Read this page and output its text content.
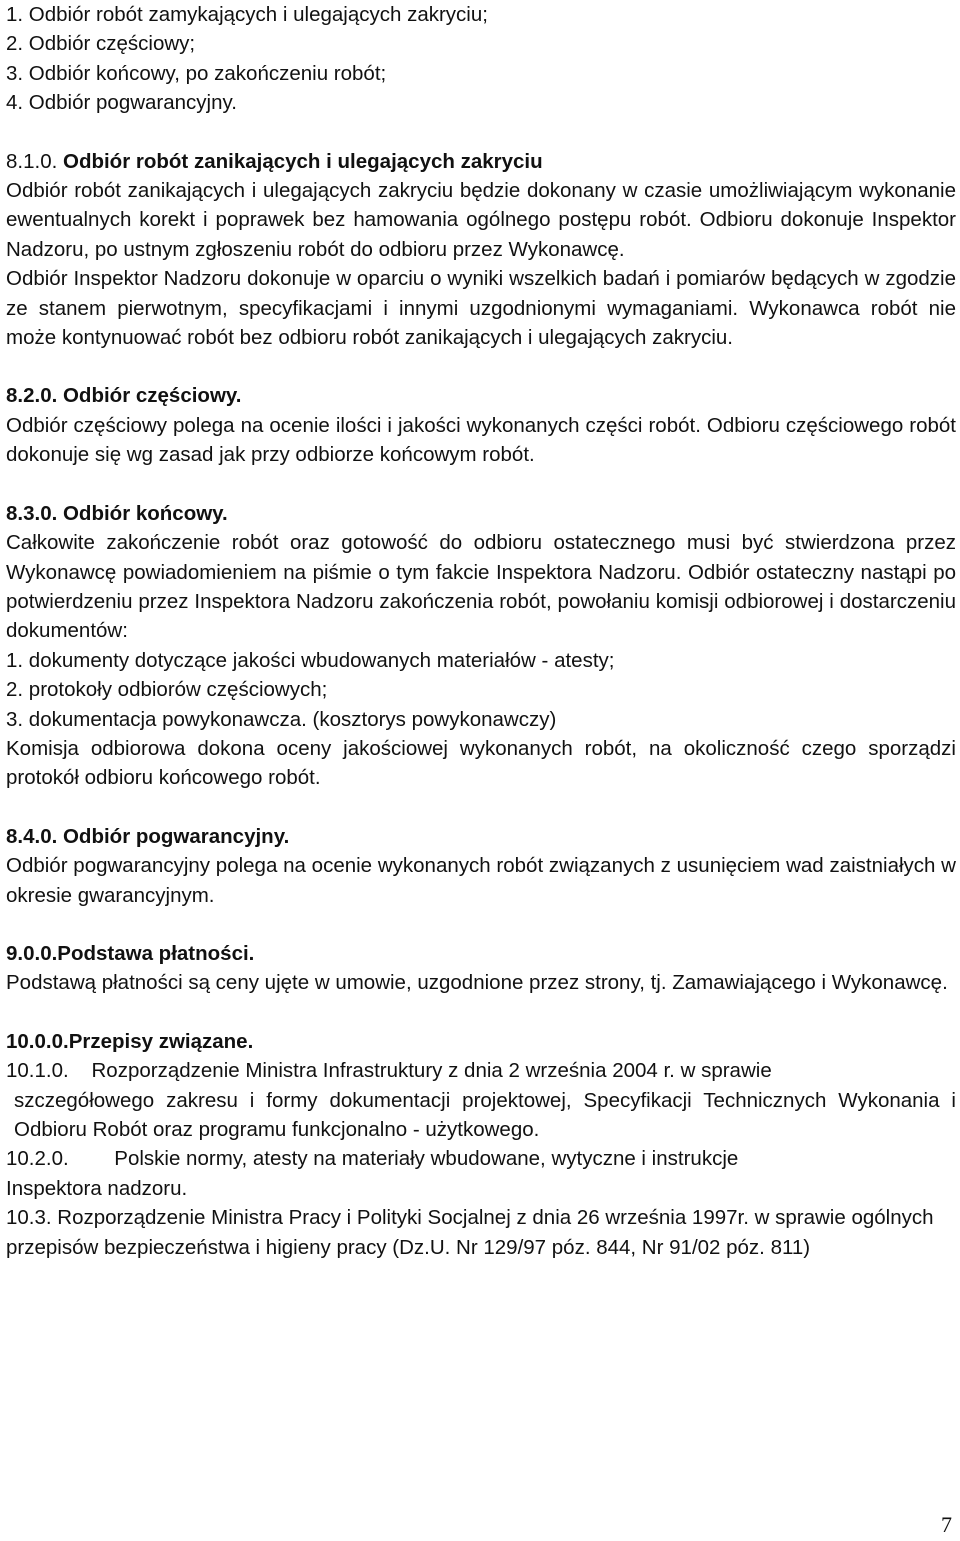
1. Odbiór robót zamykających i ulegających zakryciu;
2. Odbiór częściowy;
3. Odbiór końcowy, po zakończeniu robót;
4. Odbiór pogwarancyjny.

8.1.0. Odbiór robót zanikających i ulegających zakryciu

Odbiór robót zanikających i ulegających zakryciu będzie dokonany w czasie umożliwiającym wykonanie ewentualnych korekt i poprawek bez hamowania ogólnego postępu robót. Odbioru dokonuje Inspektor Nadzoru, po ustnym zgłoszeniu robót do odbioru przez Wykonawcę.

Odbiór Inspektor Nadzoru dokonuje w oparciu o wyniki wszelkich badań i pomiarów będących w zgodzie ze stanem pierwotnym, specyfikacjami i innymi uzgodnionymi wymaganiami. Wykonawca robót nie może kontynuować robót bez odbioru robót zanikających i ulegających zakryciu.

8.2.0. Odbiór częściowy.

Odbiór częściowy polega na ocenie ilości i jakości wykonanych części robót. Odbioru częściowego robót dokonuje się wg zasad jak przy odbiorze końcowym robót.

8.3.0. Odbiór końcowy.

Całkowite zakończenie robót oraz gotowość do odbioru ostatecznego musi być stwierdzona przez Wykonawcę powiadomieniem na piśmie o tym fakcie Inspektora Nadzoru. Odbiór ostateczny nastąpi po potwierdzeniu przez Inspektora Nadzoru zakończenia robót, powołaniu komisji odbiorowej i dostarczeniu dokumentów:

1. dokumenty dotyczące jakości wbudowanych materiałów - atesty;
2. protokoły odbiorów częściowych;
3. dokumentacja powykonawcza. (kosztorys powykonawczy)

Komisja odbiorowa dokona oceny jakościowej wykonanych robót, na okoliczność czego sporządzi protokół odbioru końcowego robót.

8.4.0. Odbiór pogwarancyjny.

Odbiór pogwarancyjny polega na ocenie wykonanych robót związanych z usunięciem wad zaistniałych w okresie gwarancyjnym.

9.0.0.Podstawa płatności.

Podstawą płatności są ceny ujęte w umowie, uzgodnione przez strony, tj. Zamawiającego i Wykonawcę.

10.0.0.Przepisy związane.

10.1.0. Rozporządzenie Ministra Infrastruktury z dnia 2 września 2004 r. w sprawie

szczegółowego zakresu i formy dokumentacji projektowej, Specyfikacji Technicznych Wykonania i Odbioru Robót oraz programu funkcjonalno - użytkowego.

10.2.0. Polskie normy, atesty na materiały wbudowane, wytyczne i instrukcje

Inspektora nadzoru.

10.3. Rozporządzenie Ministra Pracy i Polityki Socjalnej z dnia 26 września 1997r. w sprawie ogólnych przepisów bezpieczeństwa i higieny pracy (Dz.U. Nr 129/97 póz. 844, Nr 91/02 póz. 811)

7
